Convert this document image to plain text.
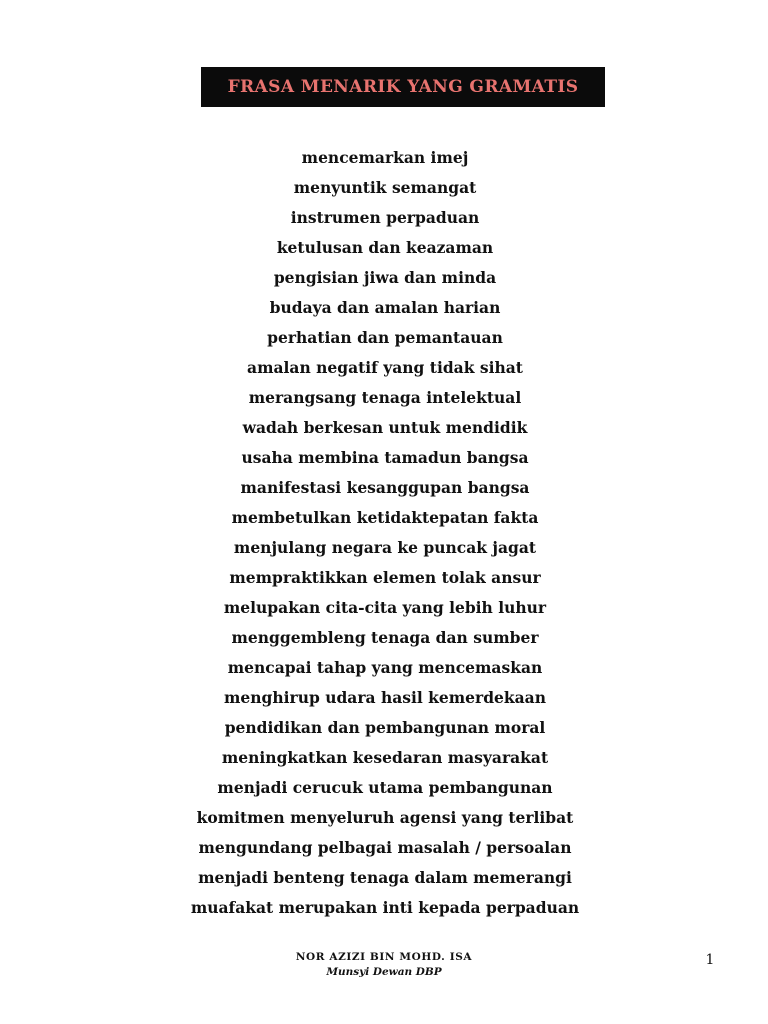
FRASA MENARIK YANG GRAMATIS
mencemarkan imej
menyuntik semangat
instrumen perpaduan
ketulusan dan keazaman
pengisian jiwa dan minda
budaya dan amalan harian
perhatian dan pemantauan
amalan negatif yang tidak sihat
merangsang tenaga intelektual
wadah berkesan untuk mendidik
usaha membina tamadun bangsa
manifestasi kesanggupan bangsa
membetulkan ketidaktepatan fakta
menjulang negara ke puncak jagat
mempraktikkan elemen tolak ansur
melupakan cita-cita yang lebih luhur
menggembleng tenaga dan sumber
mencapai tahap yang mencemaskan
menghirup udara hasil kemerdekaan
pendidikan dan pembangunan moral
meningkatkan kesedaran masyarakat
menjadi cerucuk utama pembangunan
komitmen menyeluruh agensi yang terlibat
mengundang pelbagai masalah / persoalan
menjadi benteng tenaga dalam memerangi
muafakat merupakan inti kepada perpaduan
NOR AZIZI BIN MOHD. ISA
Munsyi Dewan DBP
1
